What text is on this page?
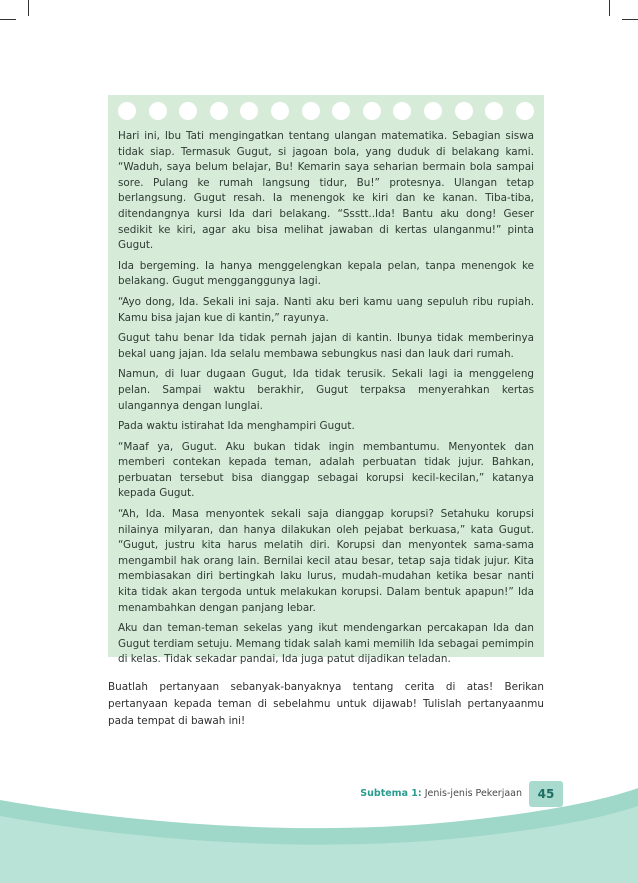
Hari ini, Ibu Tati mengingatkan tentang ulangan matematika. Sebagian siswa tidak siap. Termasuk Gugut, si jagoan bola, yang duduk di belakang kami. “Waduh, saya belum belajar, Bu! Kemarin saya seharian bermain bola sampai sore. Pulang ke rumah langsung tidur, Bu!” protesnya. Ulangan tetap berlangsung. Gugut resah. Ia menengok ke kiri dan ke kanan. Tiba-tiba, ditendangnya kursi Ida dari belakang. “Ssstt..Ida! Bantu aku dong! Geser sedikit ke kiri, agar aku bisa melihat jawaban di kertas ulanganmu!” pinta Gugut.

Ida bergeming. Ia hanya menggelengkan kepala pelan, tanpa menengok ke belakang. Gugut mengganggunya lagi.

“Ayo dong, Ida. Sekali ini saja. Nanti aku beri kamu uang sepuluh ribu rupiah. Kamu bisa jajan kue di kantin,” rayunya.

Gugut tahu benar Ida tidak pernah jajan di kantin. Ibunya tidak memberinya bekal uang jajan. Ida selalu membawa sebungkus nasi dan lauk dari rumah.

Namun, di luar dugaan Gugut, Ida tidak terusik. Sekali lagi ia menggeleng pelan. Sampai waktu berakhir, Gugut terpaksa menyerahkan kertas ulangannya dengan lunglai.

Pada waktu istirahat Ida menghampiri Gugut.

“Maaf ya, Gugut. Aku bukan tidak ingin membantumu. Menyontek dan memberi contekan kepada teman, adalah perbuatan tidak jujur. Bahkan, perbuatan tersebut bisa dianggap sebagai korupsi kecil-kecilan,” katanya kepada Gugut.

“Ah, Ida. Masa menyontek sekali saja dianggap korupsi? Setahuku korupsi nilainya milyaran, dan hanya dilakukan oleh pejabat berkuasa,” kata Gugut. “Gugut, justru kita harus melatih diri. Korupsi dan menyontek sama-sama mengambil hak orang lain. Bernilai kecil atau besar, tetap saja tidak jujur. Kita membiasakan diri bertingkah laku lurus, mudah-mudahan ketika besar nanti kita tidak akan tergoda untuk melakukan korupsi. Dalam bentuk apapun!” Ida menambahkan dengan panjang lebar.

Aku dan teman-teman sekelas yang ikut mendengarkan percakapan Ida dan Gugut terdiam setuju. Memang tidak salah kami memilih Ida sebagai pemimpin di kelas. Tidak sekadar pandai, Ida juga patut dijadikan teladan.

Buatlah pertanyaan sebanyak-banyaknya tentang cerita di atas! Berikan pertanyaan kepada teman di sebelahmu untuk dijawab! Tulislah pertanyaanmu pada tempat di bawah ini!

Subtema 1: Jenis-jenis Pekerjaan 45
